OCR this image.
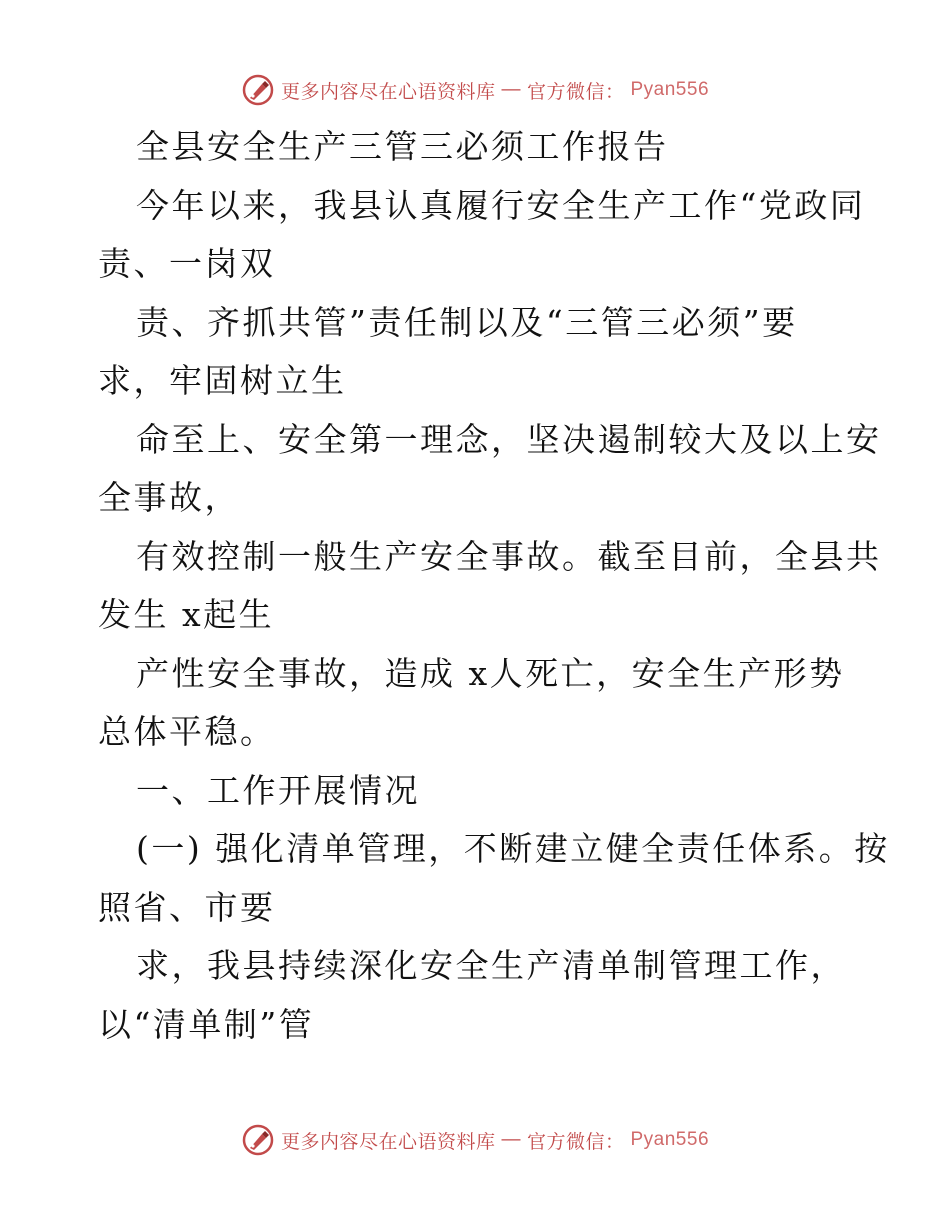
更多内容尽在心语资料库 — 官方微信： Pyan556
全县安全生产三管三必须工作报告
今年以来，我县认真履行安全生产工作“党政同
责、一岗双
责、齐抓共管”责任制以及“三管三必须”要
求，牢固树立生
命至上、安全第一理念，坚决遏制较大及以上安
全事故，
有效控制一般生产安全事故。截至目前，全县共
发生 x起生
产性安全事故，造成 x人死亡，安全生产形势
总体平稳。
一、工作开展情况
(一) 强化清单管理，不断建立健全责任体系。按
照省、市要
求，我县持续深化安全生产清单制管理工作，
以“清单制”管
更多内容尽在心语资料库 — 官方微信： Pyan556
